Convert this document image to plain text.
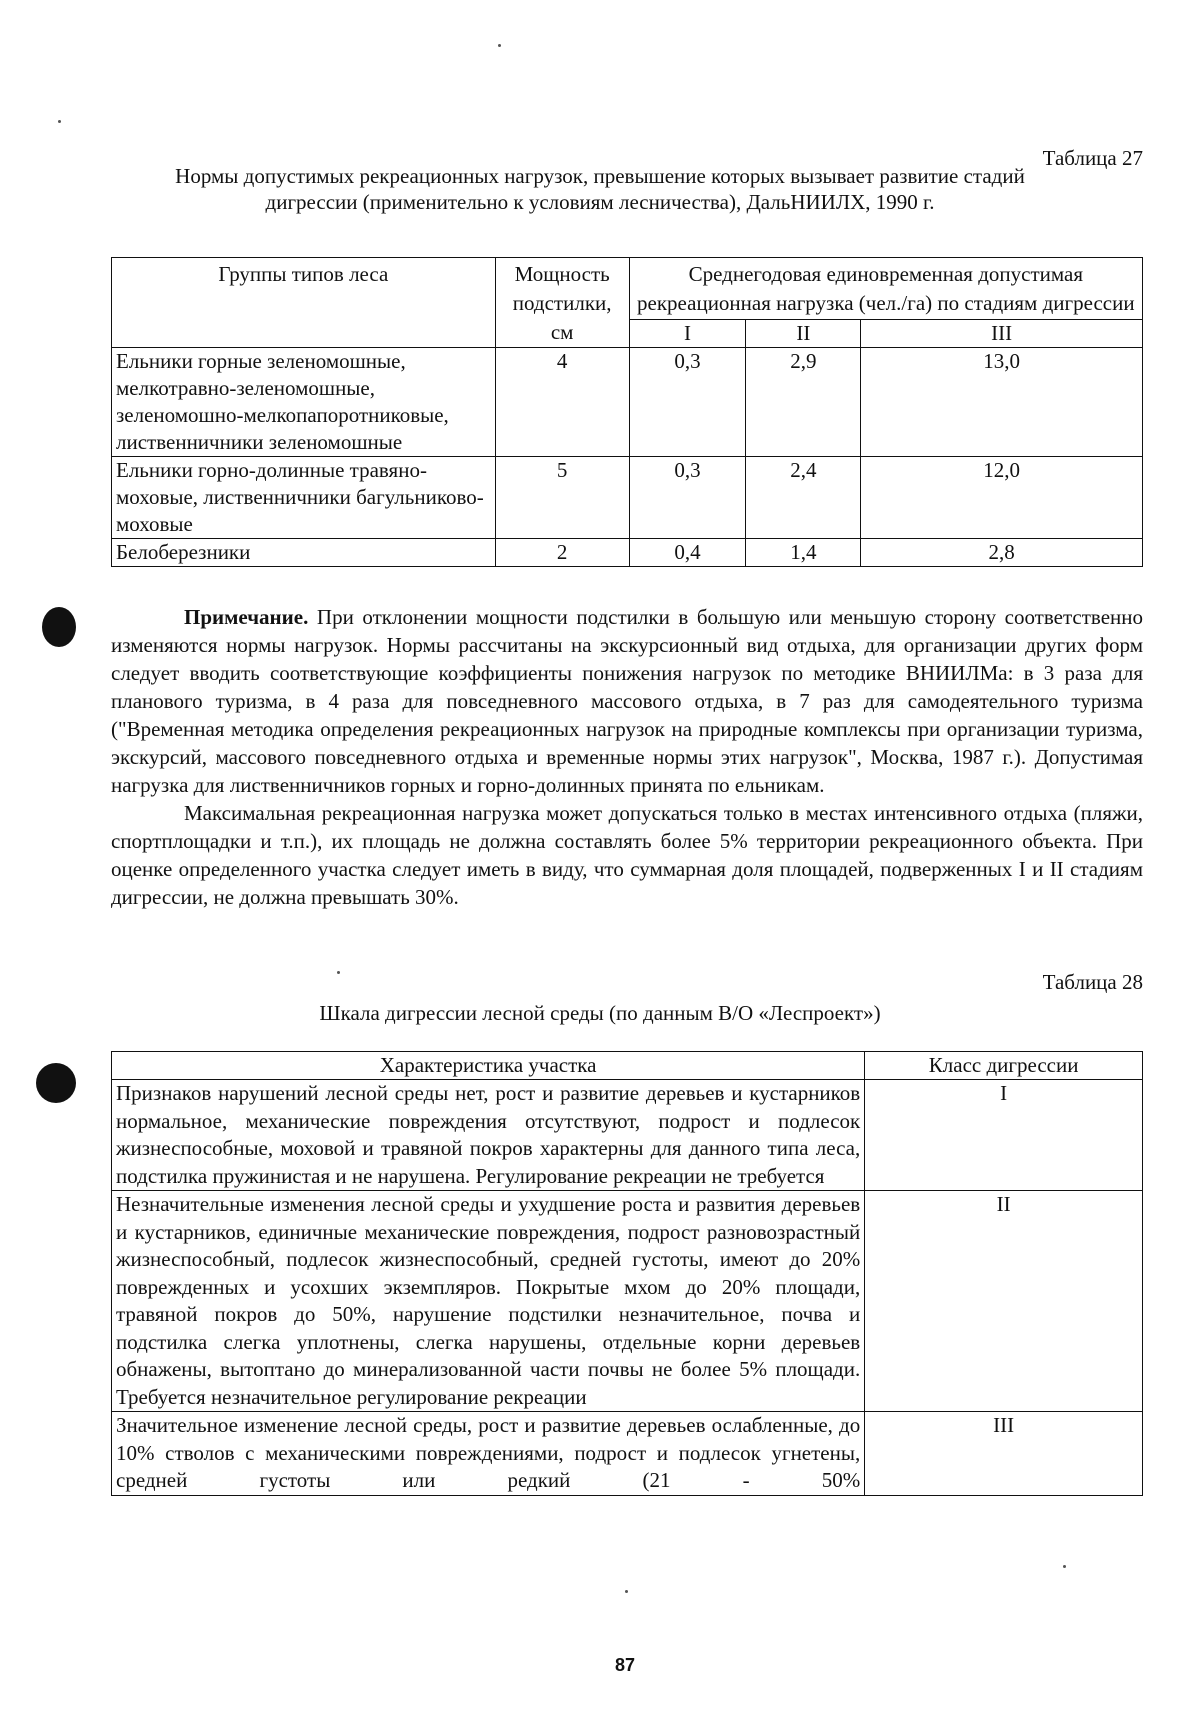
Таблица 27
Нормы допустимых рекреационных нагрузок, превышение которых вызывает развитие стадий
дигрессии (применительно к условиям лесничества), ДальНИИЛХ, 1990 г.
Группы типов леса	Мощность подстилки, см	Среднегодовая единовременная допустимая рекреационная нагрузка (чел./га) по стадиям дигрессии		
		I	II	III
Ельники горные зеленомошные, мелкотравно-зеленомошные, зеленомошно-мелкопапоротниковые, лиственничники зеленомошные	4	0,3	2,9	13,0
Ельники горно-долинные травяно-моховые, лиственничники багульниково-моховые	5	0,3	2,4	12,0
Белоберезники	2	0,4	1,4	2,8

Примечание. При отклонении мощности подстилки в большую или меньшую сторону соответственно изменяются нормы нагрузок. Нормы рассчитаны на экскурсионный вид отдыха, для организации других форм следует вводить соответствующие коэффициенты понижения нагрузок по методике ВНИИЛМа: в 3 раза для планового туризма, в 4 раза для повседневного массового отдыха, в 7 раз для самодеятельного туризма ("Временная методика определения рекреационных нагрузок на природные комплексы при организации туризма, экскурсий, массового повседневного отдыха и временные нормы этих нагрузок", Москва, 1987 г.). Допустимая нагрузка для лиственничников горных и горно-долинных принята по ельникам.

Максимальная рекреационная нагрузка может допускаться только в местах интенсивного отдыха (пляжи, спортплощадки и т.п.), их площадь не должна составлять более 5% территории рекреационного объекта. При оценке определенного участка следует иметь в виду, что суммарная доля площадей, подверженных I и II стадиям дигрессии, не должна превышать 30%.

Таблица 28
Шкала дигрессии лесной среды (по данным В/О «Леспроект»)
Характеристика участка	Класс дигрессии
Признаков нарушений лесной среды нет, рост и развитие деревьев и кустарников нормальное, механические повреждения отсутствуют, подрост и подлесок жизнеспособные, моховой и травяной покров характерны для данного типа леса, подстилка пружинистая и не нарушена. Регулирование рекреации не требуется	I
Незначительные изменения лесной среды и ухудшение роста и развития деревьев и кустарников, единичные механические повреждения, подрост разновозрастный жизнеспособный, подлесок жизнеспособный, средней густоты, имеют до 20% поврежденных и усохших экземпляров. Покрытые мхом до 20% площади, травяной покров до 50%, нарушение подстилки незначительное, почва и подстилка слегка уплотнены, слегка нарушены, отдельные корни деревьев обнажены, вытоптано до минерализованной части почвы не более 5% площади. Требуется незначительное регулирование рекреации	II
Значительное изменение лесной среды, рост и развитие деревьев ослабленные, до 10% стволов с механическими повреждениями, подрост и подлесок угнетены, средней густоты или редкий (21 - 50%	III
87
